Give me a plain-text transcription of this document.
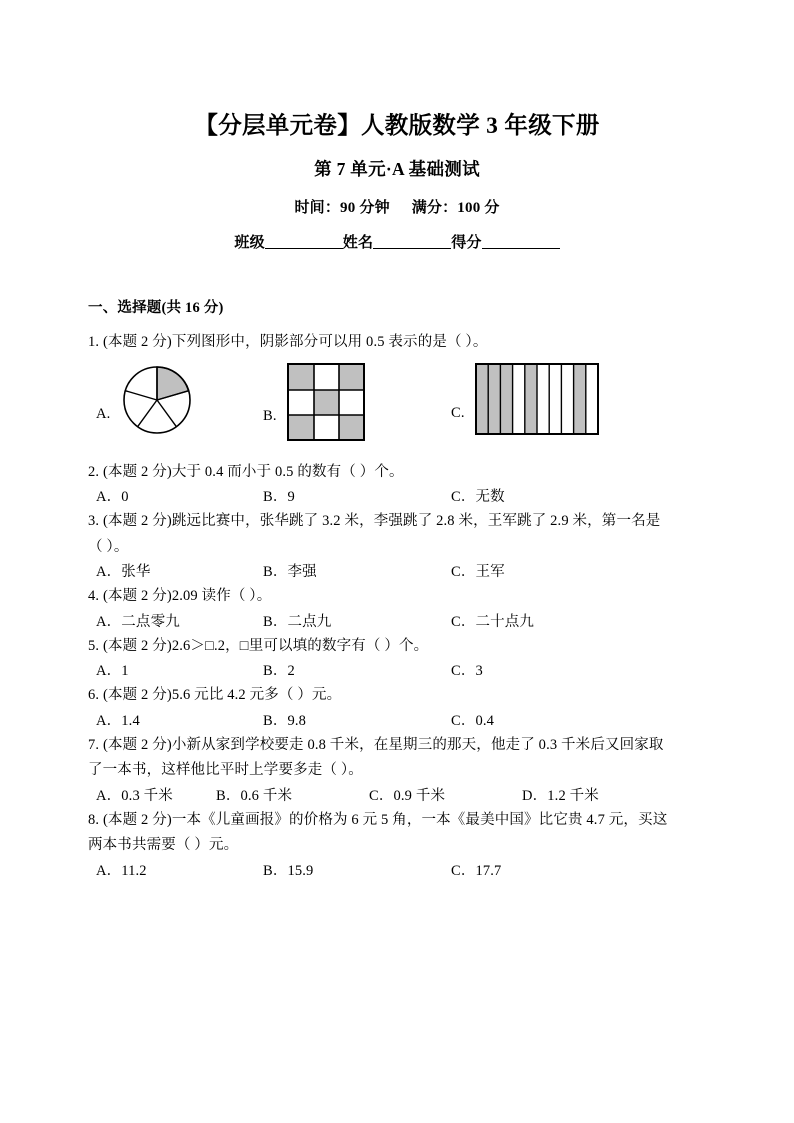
【分层单元卷】人教版数学 3 年级下册
第 7 单元·A 基础测试
时间：90 分钟 满分：100 分
班级	姓名	得分
一、选择题(共 16 分)
1. (本题 2 分)下列图形中，阴影部分可以用 0.5 表示的是（ ）。
A.	B.	C.
2. (本题 2 分)大于 0.4 而小于 0.5 的数有（ ）个。
A．0	B．9	C．无数
3. (本题 2 分)跳远比赛中，张华跳了 3.2 米，李强跳了 2.8 米，王军跳了 2.9 米，第一名是
（ ）。
A．张华	B．李强	C．王军
4. (本题 2 分)2.09 读作（ ）。
A．二点零九	B．二点九	C．二十点九
5. (本题 2 分)2.6＞□.2，□里可以填的数字有（ ）个。
A．1	B．2	C．3
6. (本题 2 分)5.6 元比 4.2 元多（ ）元。
A．1.4	B．9.8	C．0.4
7. (本题 2 分)小新从家到学校要走 0.8 千米，在星期三的那天，他走了 0.3 千米后又回家取
了一本书，这样他比平时上学要多走（ ）。
A．0.3 千米	B．0.6 千米	C．0.9 千米	D．1.2 千米
8. (本题 2 分)一本《儿童画报》的价格为 6 元 5 角，一本《最美中国》比它贵 4.7 元，买这
两本书共需要（ ）元。
A．11.2	B．15.9	C．17.7
